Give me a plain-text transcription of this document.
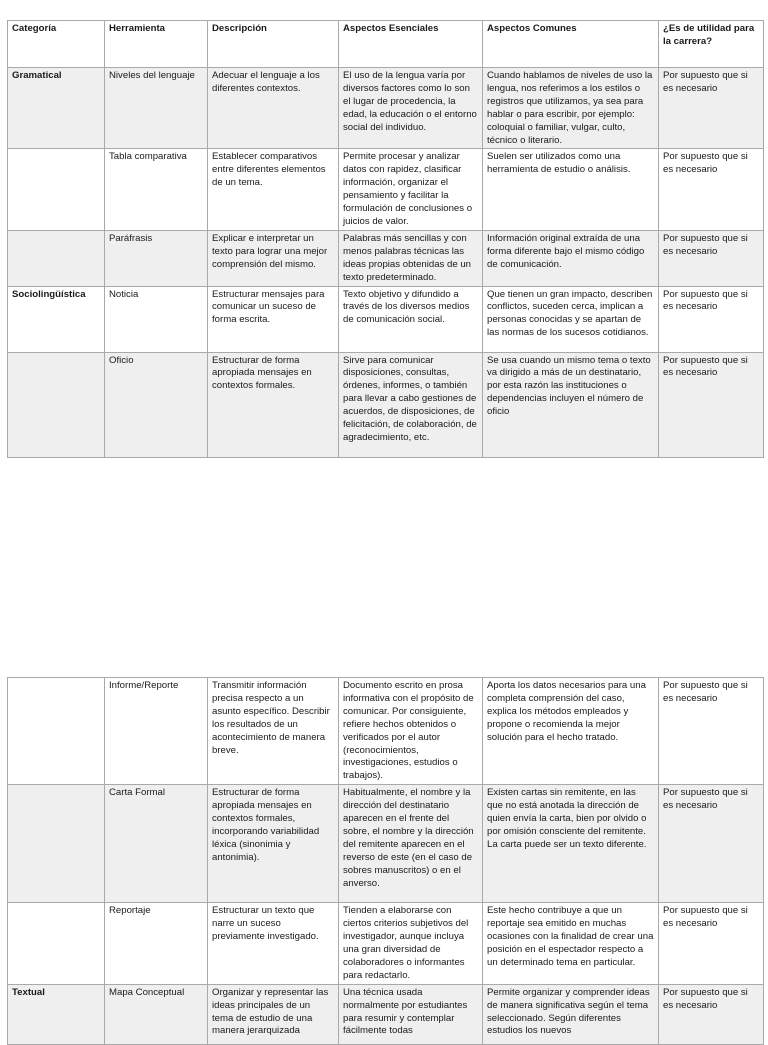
Categoría	Herramienta	Descripción	Aspectos Esenciales	Aspectos Comunes	¿Es de utilidad para la carrera?
Gramatical	Niveles del lenguaje	Adecuar el lenguaje a los diferentes contextos.	El uso de la lengua varía por diversos factores como lo son el lugar de procedencia, la edad, la educación o el entorno social del individuo.	Cuando hablamos de niveles de uso la lengua, nos referimos a los estilos o registros que utilizamos, ya sea para hablar o para escribir, por ejemplo: coloquial o familiar, vulgar, culto, técnico o literario.	Por supuesto que si es necesario
	Tabla comparativa	Establecer comparativos entre diferentes elementos de un tema.	Permite procesar y analizar datos con rapidez, clasificar información, organizar el pensamiento y facilitar la formulación de conclusiones o juicios de valor.	Suelen ser utilizados como una herramienta de estudio o análisis.	Por supuesto que si es necesario
	Paráfrasis	Explicar e interpretar un texto para lograr una mejor comprensión del mismo.	Palabras más sencillas y con menos palabras técnicas las ideas propias obtenidas de un texto predeterminado.	Información original extraída de una forma diferente bajo el mismo código de comunicación.	Por supuesto que si es necesario
Sociolingüística	Noticia	Estructurar mensajes para comunicar un suceso de forma escrita.	Texto objetivo y difundido a través de los diversos medios de comunicación social.	Que tienen un gran impacto, describen conflictos, suceden cerca, implican a personas conocidas y se apartan de las normas de los sucesos cotidianos.	Por supuesto que si es necesario
	Oficio	Estructurar de forma apropiada mensajes en contextos formales.	Sirve para comunicar disposiciones, consultas, órdenes, informes, o también para llevar a cabo gestiones de acuerdos, de disposiciones, de felicitación, de colaboración, de agradecimiento, etc.	Se usa cuando un mismo tema o texto va dirigido a más de un destinatario, por esta razón las instituciones o dependencias incluyen el número de oficio	Por supuesto que si es necesario
	Informe/Reporte	Transmitir información precisa respecto a un asunto específico. Describir los resultados de un acontecimiento de manera breve.	Documento escrito en prosa informativa con el propósito de comunicar. Por consiguiente, refiere hechos obtenidos o verificados por el autor (reconocimientos, investigaciones, estudios o trabajos).	Aporta los datos necesarios para una completa comprensión del caso, explica los métodos empleados y propone o recomienda la mejor solución para el hecho tratado.	Por supuesto que si es necesario
	Carta Formal	Estructurar de forma apropiada mensajes en contextos formales, incorporando variabilidad léxica (sinonimia y antonimia).	Habitualmente, el nombre y la dirección del destinatario aparecen en el frente del sobre, el nombre y la dirección del remitente aparecen en el reverso de este (en el caso de sobres manuscritos) o en el anverso.	Existen cartas sin remitente, en las que no está anotada la dirección de quien envía la carta, bien por olvido o por omisión consciente del remitente. La carta puede ser un texto diferente.	Por supuesto que si es necesario
	Reportaje	Estructurar un texto que narre un suceso previamente investigado.	Tienden a elaborarse con ciertos criterios subjetivos del investigador, aunque incluya una gran diversidad de colaboradores o informantes para redactarlo.	Este hecho contribuye a que un reportaje sea emitido en muchas ocasiones con la finalidad de crear una posición en el espectador respecto a un determinado tema en particular.	Por supuesto que si es necesario
Textual	Mapa Conceptual	Organizar y representar las ideas principales de un tema de estudio de una manera jerarquizada	Una técnica usada normalmente por estudiantes para resumir y contemplar fácilmente todas	Permite organizar y comprender ideas de manera significativa según el tema seleccionado. Según diferentes estudios los nuevos	Por supuesto que si es necesario
